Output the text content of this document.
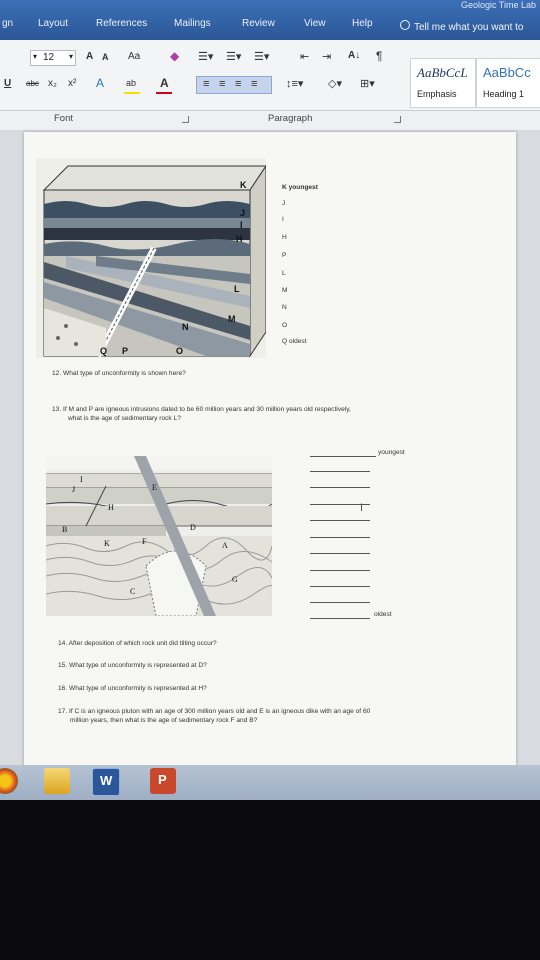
Geologic Time Lab
gn Layout	References	Mailings	Review	View	Help	Tell me what you want to
▾ 12 ▾ A A Aa ◆ ☰▾ ☰▾ ☰▾	⇤ ⇥ A↓ ¶
U abc x₂ x² A ab A	≡ ≡ ≡ ≡	↕≡▾ ◇▾ ⊞▾
AaBbCcL
Emphasis
AaBbCc
Heading 1
Font	Paragraph
K
J
I
H
L
M
N
Q P	O
K youngest
J
I
H
P
L
M
N
O
Q oldest
12. What type of unconformity is shown here?
13. If M and P are igneous intrusions dated to be 60 million years and 30 million years old respectively,
what is the age of sedimentary rock L?
I
J	E
H
B
K	F
D
A
C
G
youngest
Ι
oldest
14. After deposition of which rock unit did tilting occur?
15. What type of unconformity is represented at D?
16. What type of unconformity is represented at H?
17. If C is an igneous pluton with an age of 300 million years old and E is an igneous dike with an age of 60
million years, then what is the age of sedimentary rock F and B?
W	P
